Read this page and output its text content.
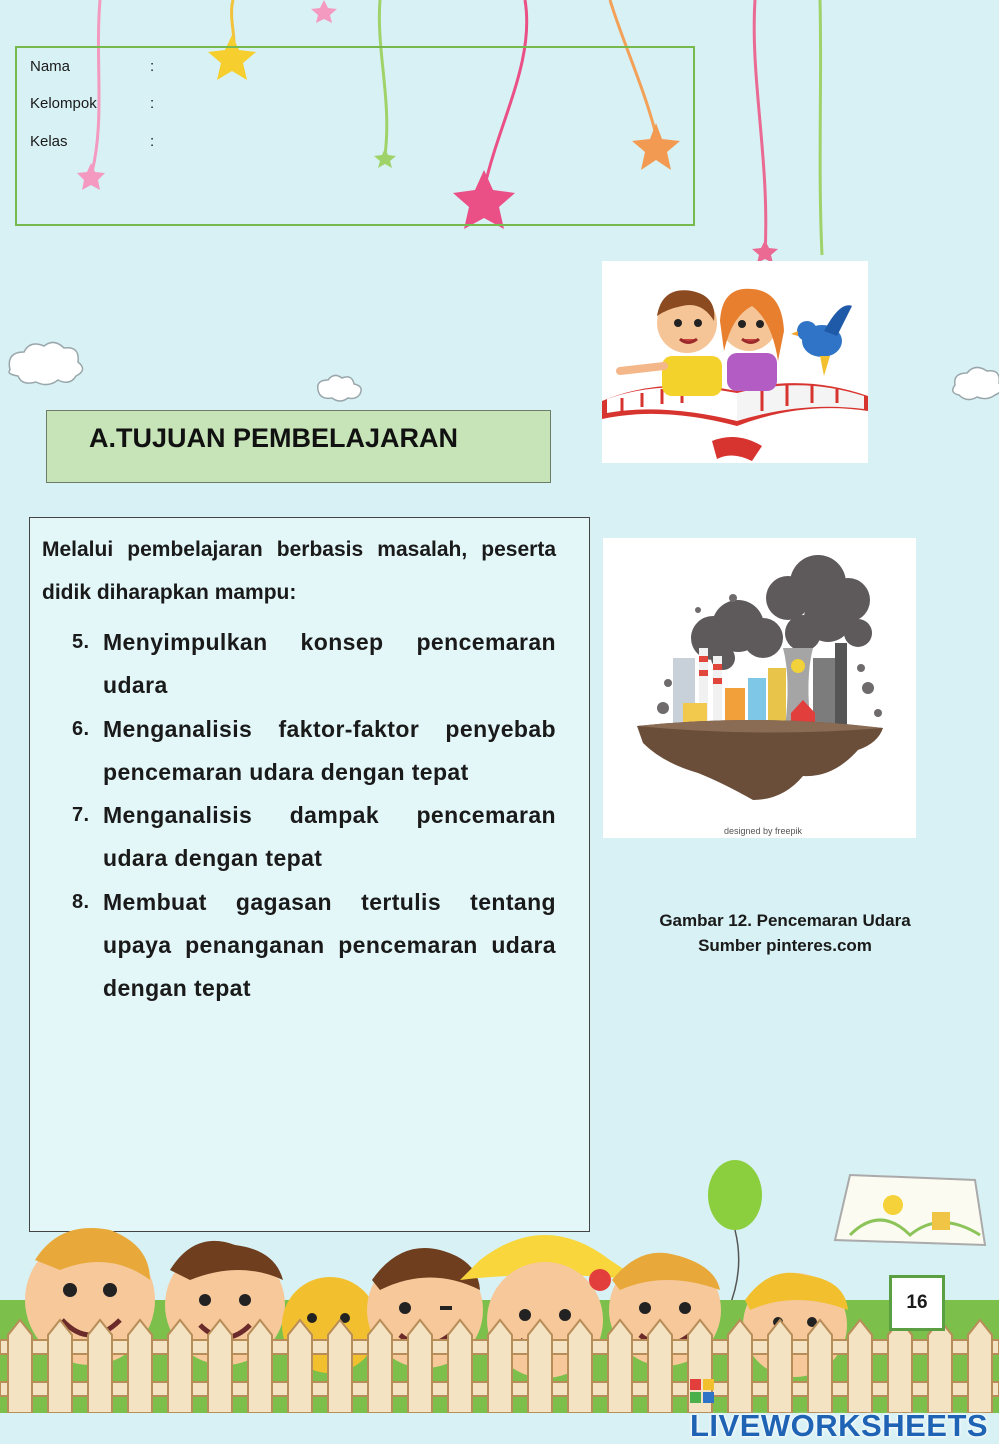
Nama	:
Kelompok	:
Kelas	:
A.TUJUAN PEMBELAJARAN
Melalui pembelajaran berbasis masalah, peserta didik diharapkan mampu:
5. Menyimpulkan konsep pencemaran udara
6. Menganalisis faktor-faktor penyebab pencemaran udara dengan tepat
7. Menganalisis dampak pencemaran udara dengan tepat
8. Membuat gagasan tertulis tentang upaya penanganan pencemaran udara dengan tepat
designed by freepik
Gambar 12. Pencemaran Udara
Sumber pinteres.com
16
LIVEWORKSHEETS
